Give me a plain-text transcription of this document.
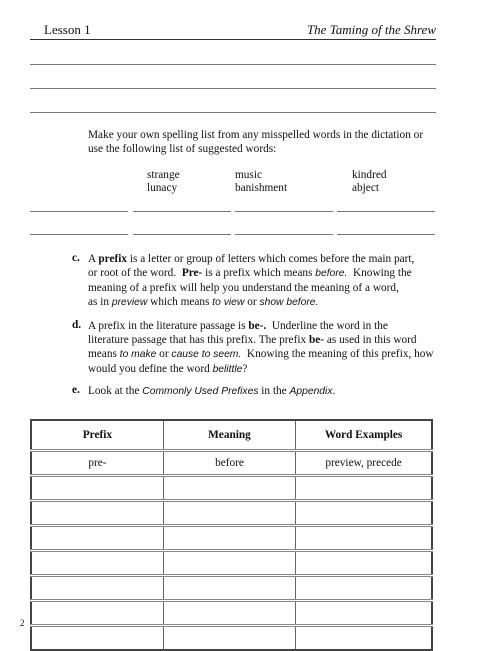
Lesson 1	The Taming of the Shrew
Make your own spelling list from any misspelled words in the dictation or
use the following list of suggested words:
strange	music	kindred
lunacy	banishment	abject
c. A prefix is a letter or group of letters which comes before the main part,
or root of the word. Pre- is a prefix which means before. Knowing the
meaning of a prefix will help you understand the meaning of a word,
as in preview which means to view or show before.
d. A prefix in the literature passage is be-. Underline the word in the
literature passage that has this prefix. The prefix be- as used in this word
means to make or cause to seem. Knowing the meaning of this prefix, how
would you define the word belittle?
e. Look at the Commonly Used Prefixes in the Appendix.
Prefix	Meaning	Word Examples
pre-	before	preview, precede

2
